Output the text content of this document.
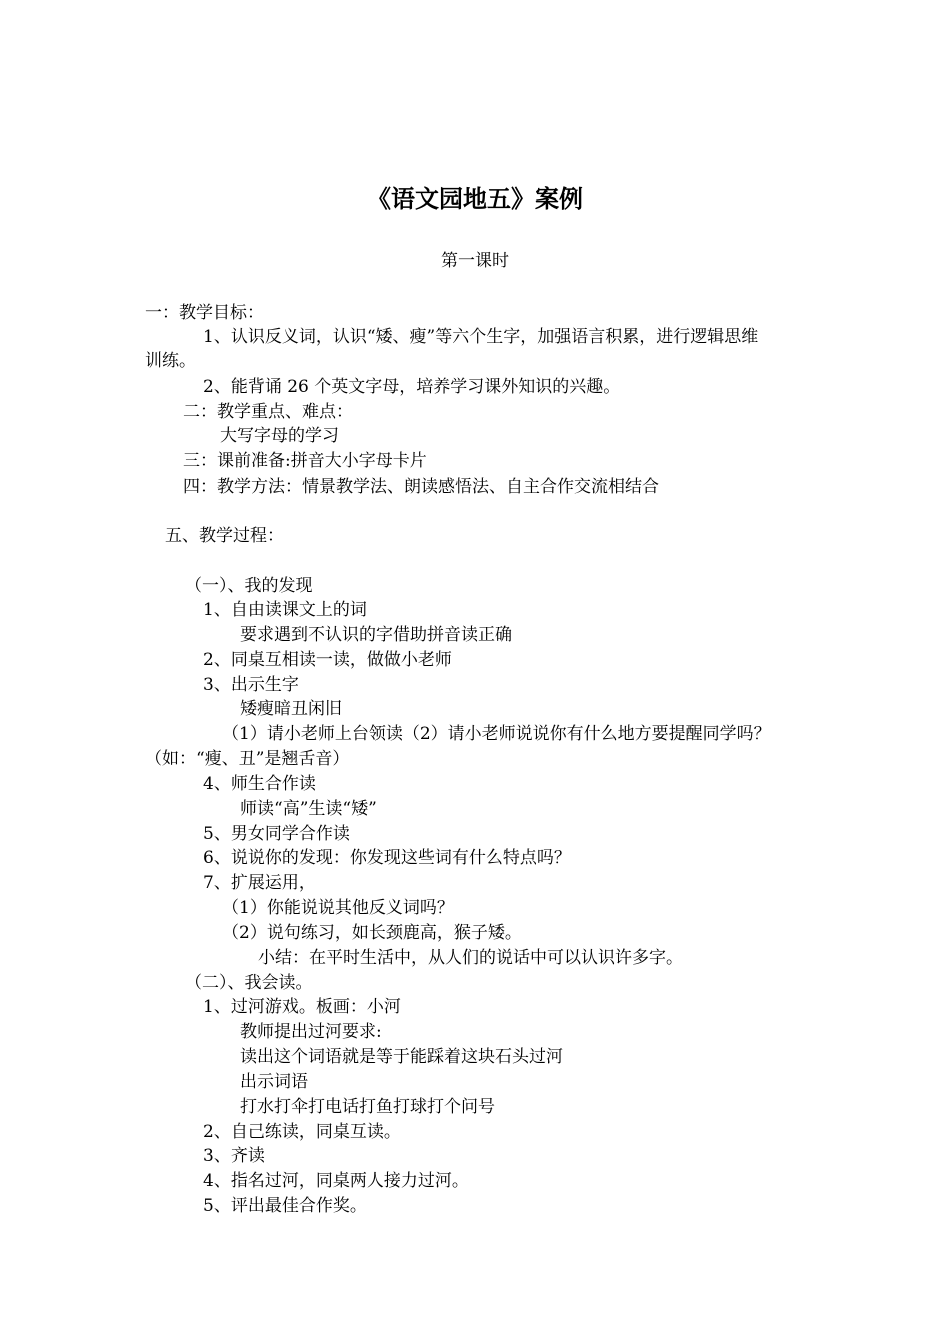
《语文园地五》案例
第一课时
一：教学目标：
1、认识反义词，认识“矮、瘦”等六个生字，加强语言积累，进行逻辑思维
训练。
2、能背诵 26 个英文字母，培养学习课外知识的兴趣。
二：教学重点、难点：
大写字母的学习
三：课前准备:拼音大小字母卡片
四：教学方法：情景教学法、朗读感悟法、自主合作交流相结合
五、教学过程：
（一）、我的发现
1、自由读课文上的词
要求遇到不认识的字借助拼音读正确
2、同桌互相读一读，做做小老师
3、出示生字
矮瘦暗丑闲旧
（1）请小老师上台领读（2）请小老师说说你有什么地方要提醒同学吗？
（如：“瘦、丑”是翘舌音）
4、师生合作读
师读“高”生读“矮”
5、男女同学合作读
6、说说你的发现：你发现这些词有什么特点吗？
7、扩展运用，
（1）你能说说其他反义词吗？
（2）说句练习，如长颈鹿高，猴子矮。
小结：在平时生活中，从人们的说话中可以认识许多字。
（二）、我会读。
1、过河游戏。板画：小河
教师提出过河要求:
读出这个词语就是等于能踩着这块石头过河
出示词语
打水打伞打电话打鱼打球打个问号
2、自己练读，同桌互读。
3、齐读
4、指名过河，同桌两人接力过河。
5、评出最佳合作奖。
